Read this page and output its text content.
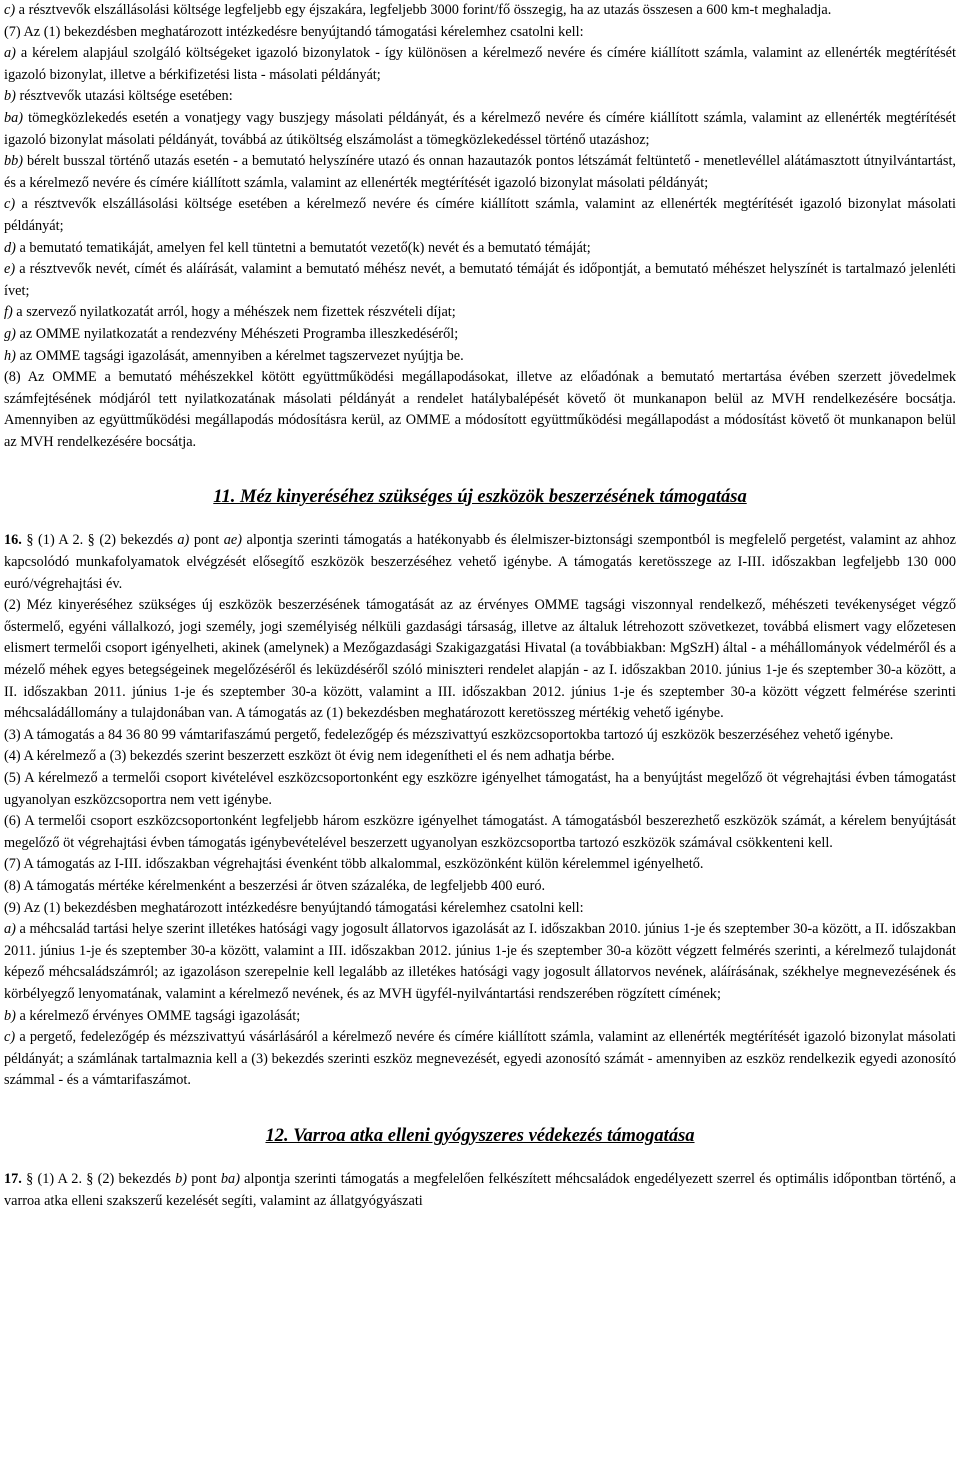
c) a résztvevők elszállásolási költsége legfeljebb egy éjszakára, legfeljebb 3000 forint/fő összegig, ha az utazás összesen a 600 km-t meghaladja.

(7) Az (1) bekezdésben meghatározott intézkedésre benyújtandó támogatási kérelemhez csatolni kell:

a) a kérelem alapjául szolgáló költségeket igazoló bizonylatok - így különösen a kérelmező nevére és címére kiállított számla, valamint az ellenérték megtérítését igazoló bizonylat, illetve a bérkifizetési lista - másolati példányát;

b) résztvevők utazási költsége esetében:

ba) tömegközlekedés esetén a vonatjegy vagy buszjegy másolati példányát, és a kérelmező nevére és címére kiállított számla, valamint az ellenérték megtérítését igazoló bizonylat másolati példányát, továbbá az útiköltség elszámolást a tömegközlekedéssel történő utazáshoz;

bb) bérelt busszal történő utazás esetén - a bemutató helyszínére utazó és onnan hazautazók pontos létszámát feltüntető - menetlevéllel alátámasztott útnyilvántartást, és a kérelmező nevére és címére kiállított számla, valamint az ellenérték megtérítését igazoló bizonylat másolati példányát;

c) a résztvevők elszállásolási költsége esetében a kérelmező nevére és címére kiállított számla, valamint az ellenérték megtérítését igazoló bizonylat másolati példányát;

d) a bemutató tematikáját, amelyen fel kell tüntetni a bemutatót vezető(k) nevét és a bemutató témáját;

e) a résztvevők nevét, címét és aláírását, valamint a bemutató méhész nevét, a bemutató témáját és időpontját, a bemutató méhészet helyszínét is tartalmazó jelenléti ívet;

f) a szervező nyilatkozatát arról, hogy a méhészek nem fizettek részvételi díjat;

g) az OMME nyilatkozatát a rendezvény Méhészeti Programba illeszkedéséről;

h) az OMME tagsági igazolását, amennyiben a kérelmet tagszervezet nyújtja be.

(8) Az OMME a bemutató méhészekkel kötött együttműködési megállapodásokat, illetve az előadónak a bemutató mertartása évében szerzett jövedelmek számfejtésének módjáról tett nyilatkozatának másolati példányát a rendelet hatálybalépését követő öt munkanapon belül az MVH rendelkezésére bocsátja. Amennyiben az együttműködési megállapodás módosításra kerül, az OMME a módosított együttműködési megállapodást a módosítást követő öt munkanapon belül az MVH rendelkezésére bocsátja.

11. Méz kinyeréséhez szükséges új eszközök beszerzésének támogatása

16. § (1) A 2. § (2) bekezdés a) pont ae) alpontja szerinti támogatás a hatékonyabb és élelmiszer-biztonsági szempontból is megfelelő pergetést, valamint az ahhoz kapcsolódó munkafolyamatok elvégzését elősegítő eszközök beszerzéséhez vehető igénybe. A támogatás keretösszege az I-III. időszakban legfeljebb 130 000 euró/végrehajtási év.

(2) Méz kinyeréséhez szükséges új eszközök beszerzésének támogatását az az érvényes OMME tagsági viszonnyal rendelkező, méhészeti tevékenységet végző őstermelő, egyéni vállalkozó, jogi személy, jogi személyiség nélküli gazdasági társaság, illetve az általuk létrehozott szövetkezet, továbbá elismert vagy előzetesen elismert termelői csoport igényelheti, akinek (amelynek) a Mezőgazdasági Szakigazgatási Hivatal (a továbbiakban: MgSzH) által - a méhállományok védelméről és a mézelő méhek egyes betegségeinek megelőzéséről és leküzdéséről szóló miniszteri rendelet alapján - az I. időszakban 2010. június 1-je és szeptember 30-a között, a II. időszakban 2011. június 1-je és szeptember 30-a között, valamint a III. időszakban 2012. június 1-je és szeptember 30-a között végzett felmérése szerinti méhcsaládállomány a tulajdonában van. A támogatás az (1) bekezdésben meghatározott keretösszeg mértékig vehető igénybe.

(3) A támogatás a 84 36 80 99 vámtarifaszámú pergető, fedelezőgép és mézszivattyú eszközcsoportokba tartozó új eszközök beszerzéséhez vehető igénybe.

(4) A kérelmező a (3) bekezdés szerint beszerzett eszközt öt évig nem idegenítheti el és nem adhatja bérbe.

(5) A kérelmező a termelői csoport kivételével eszközcsoportonként egy eszközre igényelhet támogatást, ha a benyújtást megelőző öt végrehajtási évben támogatást ugyanolyan eszközcsoportra nem vett igénybe.

(6) A termelői csoport eszközcsoportonként legfeljebb három eszközre igényelhet támogatást. A támogatásból beszerezhető eszközök számát, a kérelem benyújtását megelőző öt végrehajtási évben támogatás igénybevételével beszerzett ugyanolyan eszközcsoportba tartozó eszközök számával csökkenteni kell.

(7) A támogatás az I-III. időszakban végrehajtási évenként több alkalommal, eszközönként külön kérelemmel igényelhető.

(8) A támogatás mértéke kérelmenként a beszerzési ár ötven százaléka, de legfeljebb 400 euró.

(9) Az (1) bekezdésben meghatározott intézkedésre benyújtandó támogatási kérelemhez csatolni kell:

a) a méhcsalád tartási helye szerint illetékes hatósági vagy jogosult állatorvos igazolását az I. időszakban 2010. június 1-je és szeptember 30-a között, a II. időszakban 2011. június 1-je és szeptember 30-a között, valamint a III. időszakban 2012. június 1-je és szeptember 30-a között végzett felmérés szerinti, a kérelmező tulajdonát képező méhcsaládszámról; az igazoláson szerepelnie kell legalább az illetékes hatósági vagy jogosult állatorvos nevének, aláírásának, székhelye megnevezésének és körbélyegző lenyomatának, valamint a kérelmező nevének, és az MVH ügyfél-nyilvántartási rendszerében rögzített címének;

b) a kérelmező érvényes OMME tagsági igazolását;

c) a pergető, fedelezőgép és mézszivattyú vásárlásáról a kérelmező nevére és címére kiállított számla, valamint az ellenérték megtérítését igazoló bizonylat másolati példányát; a számlának tartalmaznia kell a (3) bekezdés szerinti eszköz megnevezését, egyedi azonosító számát - amennyiben az eszköz rendelkezik egyedi azonosító számmal - és a vámtarifaszámot.

12. Varroa atka elleni gyógyszeres védekezés támogatása

17. § (1) A 2. § (2) bekezdés b) pont ba) alpontja szerinti támogatás a megfelelően felkészített méhcsaládok engedélyezett szerrel és optimális időpontban történő, a varroa atka elleni szakszerű kezelését segíti, valamint az állatgyógyászati
